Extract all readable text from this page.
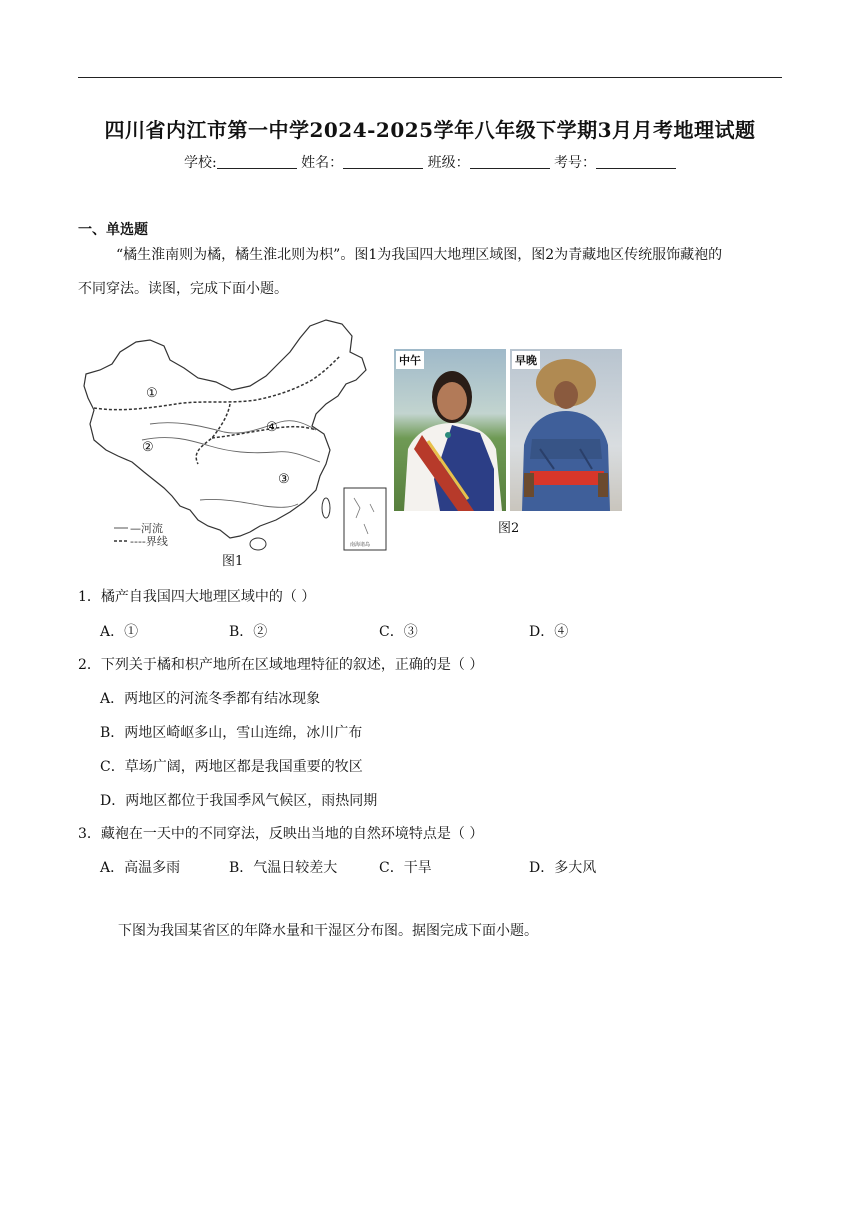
四川省内江市第一中学2024-2025学年八年级下学期3月月考地理试题
学校:	姓名：	班级：	考号：
一、单选题
“橘生淮南则为橘，橘生淮北则为枳”。图1为我国四大地理区域图，图2为青藏地区传统服饰藏袍的
不同穿法。读图，完成下面小题。
—河流
----界线	南海诸岛
①
②
③
④
图1
中午	早晚
图2
1．橘产自我国四大地理区域中的（ ）
A．①	B．②	C．③	D．④
2．下列关于橘和枳产地所在区域地理特征的叙述，正确的是（ ）
A．两地区的河流冬季都有结冰现象
B．两地区崎岖多山，雪山连绵，冰川广布
C．草场广阔，两地区都是我国重要的牧区
D．两地区都位于我国季风气候区，雨热同期
3．藏袍在一天中的不同穿法，反映出当地的自然环境特点是（ ）
A．高温多雨	B．气温日较差大	C．干旱	D．多大风
下图为我国某省区的年降水量和干湿区分布图。据图完成下面小题。
